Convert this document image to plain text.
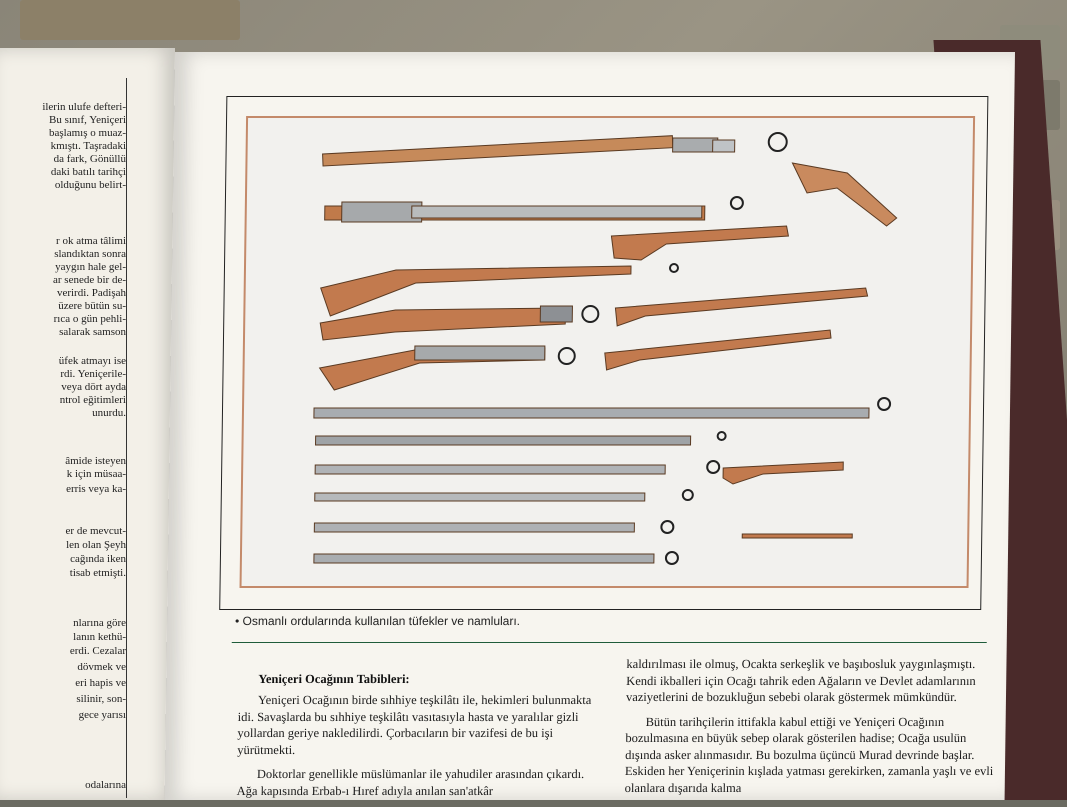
ilerin ulufe defteri-
Bu sınıf, Yeniçeri
başlamış o muaz-
kmıştı. Taşradaki
da fark, Gönüllü
daki batılı tarihçi
olduğunu belirt-
r ok atma tâlimi
slandıktan sonra
yaygın hale gel-
ar senede bir de-
verirdi. Padişah
üzere bütün su-
rıca o gün pehli-
salarak samson
üfek atmayı ise
rdi. Yeniçerile-
veya dört ayda
ntrol eğitimleri
unurdu.
âmide isteyen
k için müsaa-
erris veya ka-
er de mevcut-
len olan Şeyh
cağında iken
tisab etmişti.
nlarına göre
lanın kethü-
erdi. Cezalar
dövmek ve
eri hapis ve
silinir, son-
gece yarısı
odalarına
• Osmanlı ordularında kullanılan tüfekler ve namluları.
Yeniçeri Ocağının Tabibleri:

Yeniçeri Ocağının birde sıhhiye teşkilâtı ile, hekimleri bulunmakta idi. Savaşlarda bu sıhhiye teşkilâtı vasıtasıyla hasta ve yaralılar gizli yollardan geriye nakledilirdi. Çorbacıların bir vazifesi de bu işi yürütmekti.

Doktorlar genellikle müslümanlar ile yahudiler arasından çıkardı. Ağa kapısında Erbab-ı Hıref adıyla anılan san'atkâr

kaldırılması ile olmuş, Ocakta serkeşlik ve başıbosluk yaygınlaşmıştı. Kendi ikballeri için Ocağı tahrik eden Ağaların ve Devlet adamlarının vaziyetlerini de bozukluğun sebebi olarak göstermek mümkündür.

Bütün tarihçilerin ittifakla kabul ettiği ve Yeniçeri Ocağının bozulmasına en büyük sebep olarak gösterilen hadise; Ocağa usulün dışında asker alınmasıdır. Bu bozulma üçüncü Murad devrinde başlar. Eskiden her Yeniçerinin kışlada yatması gerekirken, zamanla yaşlı ve evli olanlara dışarıda kalma
